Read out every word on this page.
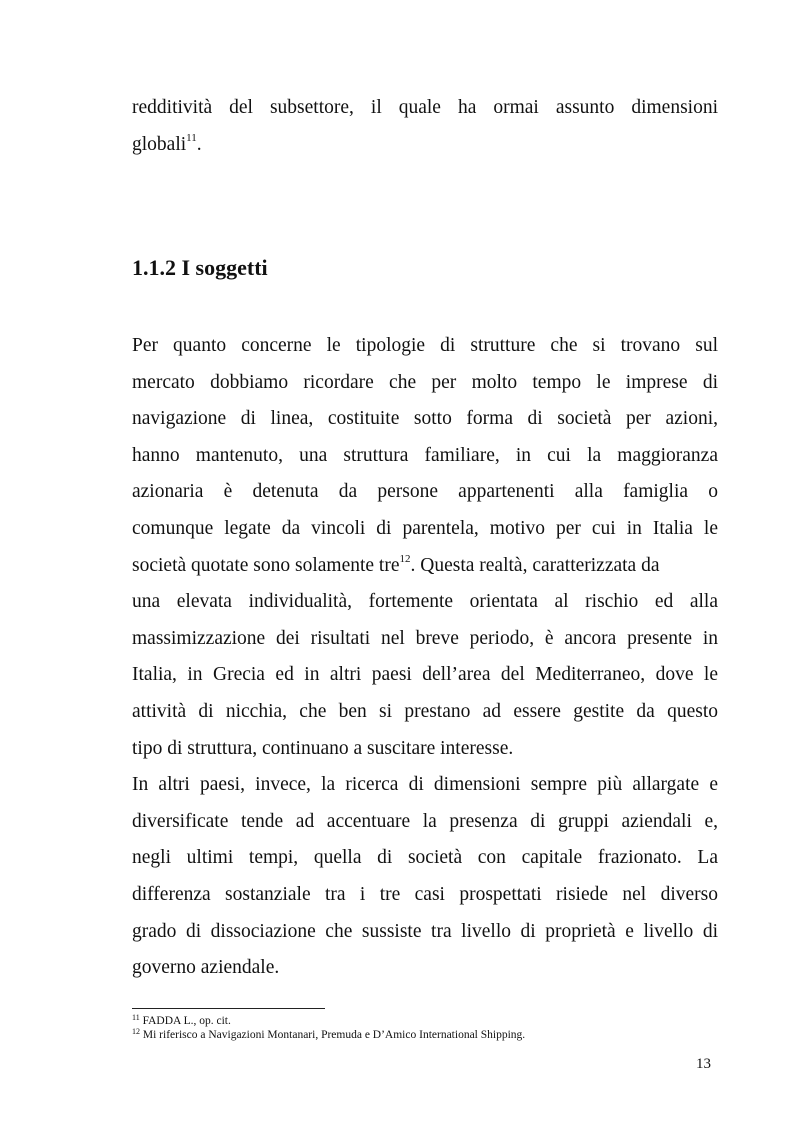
redditività del subsettore, il quale ha ormai assunto dimensioni
globali$^{11}$.
1.1.2 I soggetti
Per quanto concerne le tipologie di strutture che si trovano sul
mercato dobbiamo ricordare che per molto tempo le imprese di
navigazione di linea, costituite sotto forma di società per azioni,
hanno mantenuto, una struttura familiare, in cui la maggioranza
azionaria è detenuta da persone appartenenti alla famiglia o
comunque legate da vincoli di parentela, motivo per cui in Italia le
società quotate sono solamente tre$^{12}$. Questa realtà, caratterizzata da
una elevata individualità, fortemente orientata al rischio ed alla
massimizzazione dei risultati nel breve periodo, è ancora presente in
Italia, in Grecia ed in altri paesi dell’area del Mediterraneo, dove le
attività di nicchia, che ben si prestano ad essere gestite da questo
tipo di struttura, continuano a suscitare interesse.
In altri paesi, invece, la ricerca di dimensioni sempre più allargate e
diversificate tende ad accentuare la presenza di gruppi aziendali e,
negli ultimi tempi, quella di società con capitale frazionato. La
differenza sostanziale tra i tre casi prospettati risiede nel diverso
grado di dissociazione che sussiste tra livello di proprietà e livello di
governo aziendale.
$^{11}$ FADDA L., op. cit.
$^{12}$ Mi riferisco a Navigazioni Montanari, Premuda e D’Amico International Shipping.
13
